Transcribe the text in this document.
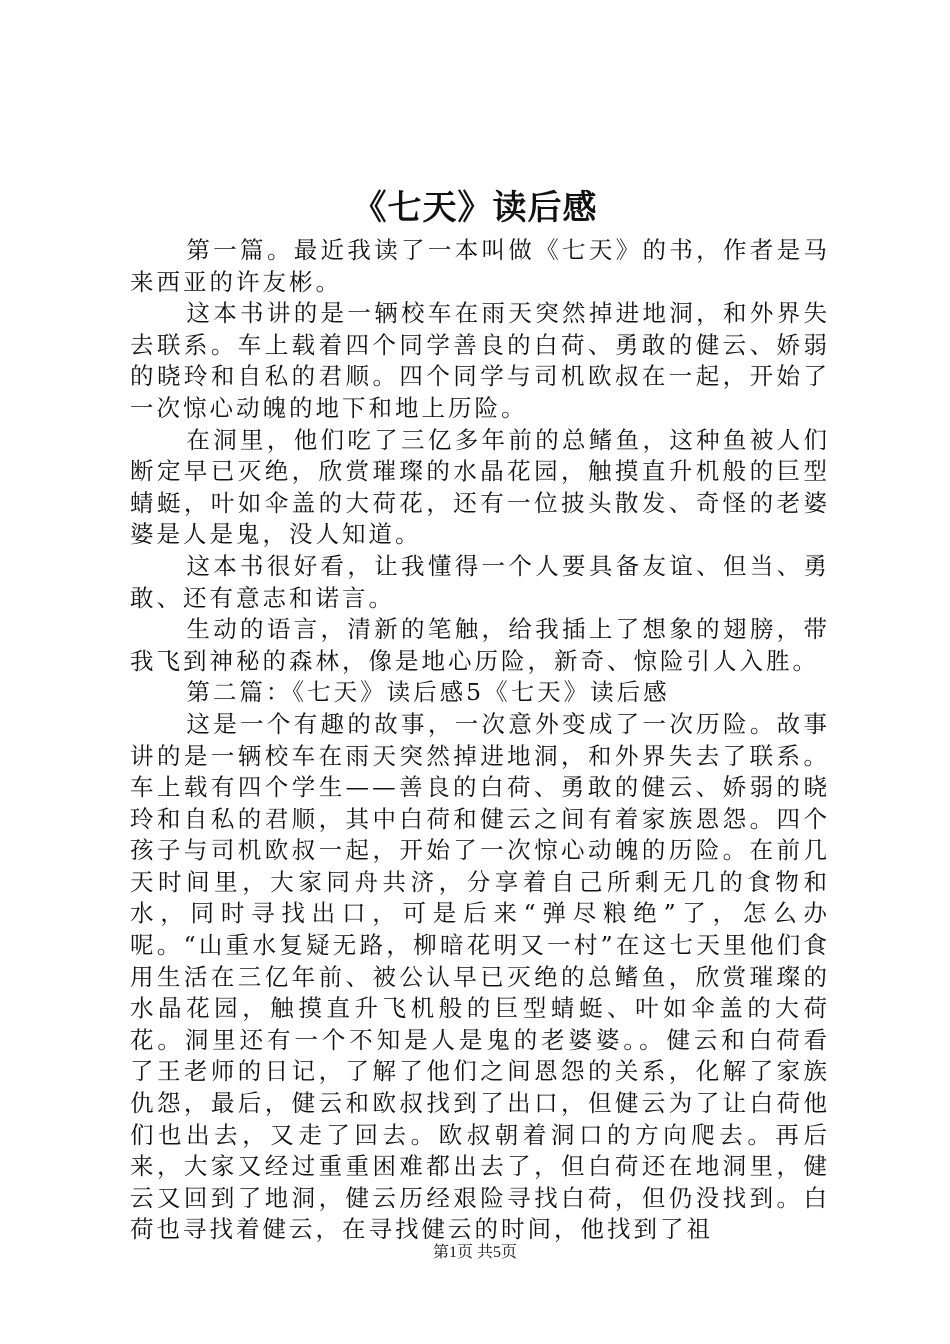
《七天》读后感

第一篇。最近我读了一本叫做《七天》的书，作者是马来西亚的许友彬。

这本书讲的是一辆校车在雨天突然掉进地洞，和外界失去联系。车上载着四个同学善良的白荷、勇敢的健云、娇弱的晓玲和自私的君顺。四个同学与司机欧叔在一起，开始了一次惊心动魄的地下和地上历险。

在洞里，他们吃了三亿多年前的总鳍鱼，这种鱼被人们断定早已灭绝，欣赏璀璨的水晶花园，触摸直升机般的巨型蜻蜓，叶如伞盖的大荷花，还有一位披头散发、奇怪的老婆婆是人是鬼，没人知道。

这本书很好看，让我懂得一个人要具备友谊、但当、勇敢、还有意志和诺言。

生动的语言，清新的笔触，给我插上了想象的翅膀，带我飞到神秘的森林，像是地心历险，新奇、惊险引人入胜。

第二篇：《七天》读后感5《七天》读后感

这是一个有趣的故事，一次意外变成了一次历险。故事讲的是一辆校车在雨天突然掉进地洞，和外界失去了联系。车上载有四个学生——善良的白荷、勇敢的健云、娇弱的晓玲和自私的君顺，其中白荷和健云之间有着家族恩怨。四个孩子与司机欧叔一起，开始了一次惊心动魄的历险。在前几天时间里，大家同舟共济，分享着自己所剩无几的食物和水，同时寻找出口，可是后来“弹尽粮绝”了，怎么办呢。“山重水复疑无路，柳暗花明又一村”在这七天里他们食用生活在三亿年前、被公认早已灭绝的总鳍鱼，欣赏璀璨的水晶花园，触摸直升飞机般的巨型蜻蜓、叶如伞盖的大荷花。洞里还有一个不知是人是鬼的老婆婆。。健云和白荷看了王老师的日记，了解了他们之间恩怨的关系，化解了家族仇怨，最后，健云和欧叔找到了出口，但健云为了让白荷他们也出去，又走了回去。欧叔朝着洞口的方向爬去。再后来，大家又经过重重困难都出去了，但白荷还在地洞里，健云又回到了地洞，健云历经艰险寻找白荷，但仍没找到。白荷也寻找着健云，在寻找健云的时间，他找到了祖

第1页 共5页
